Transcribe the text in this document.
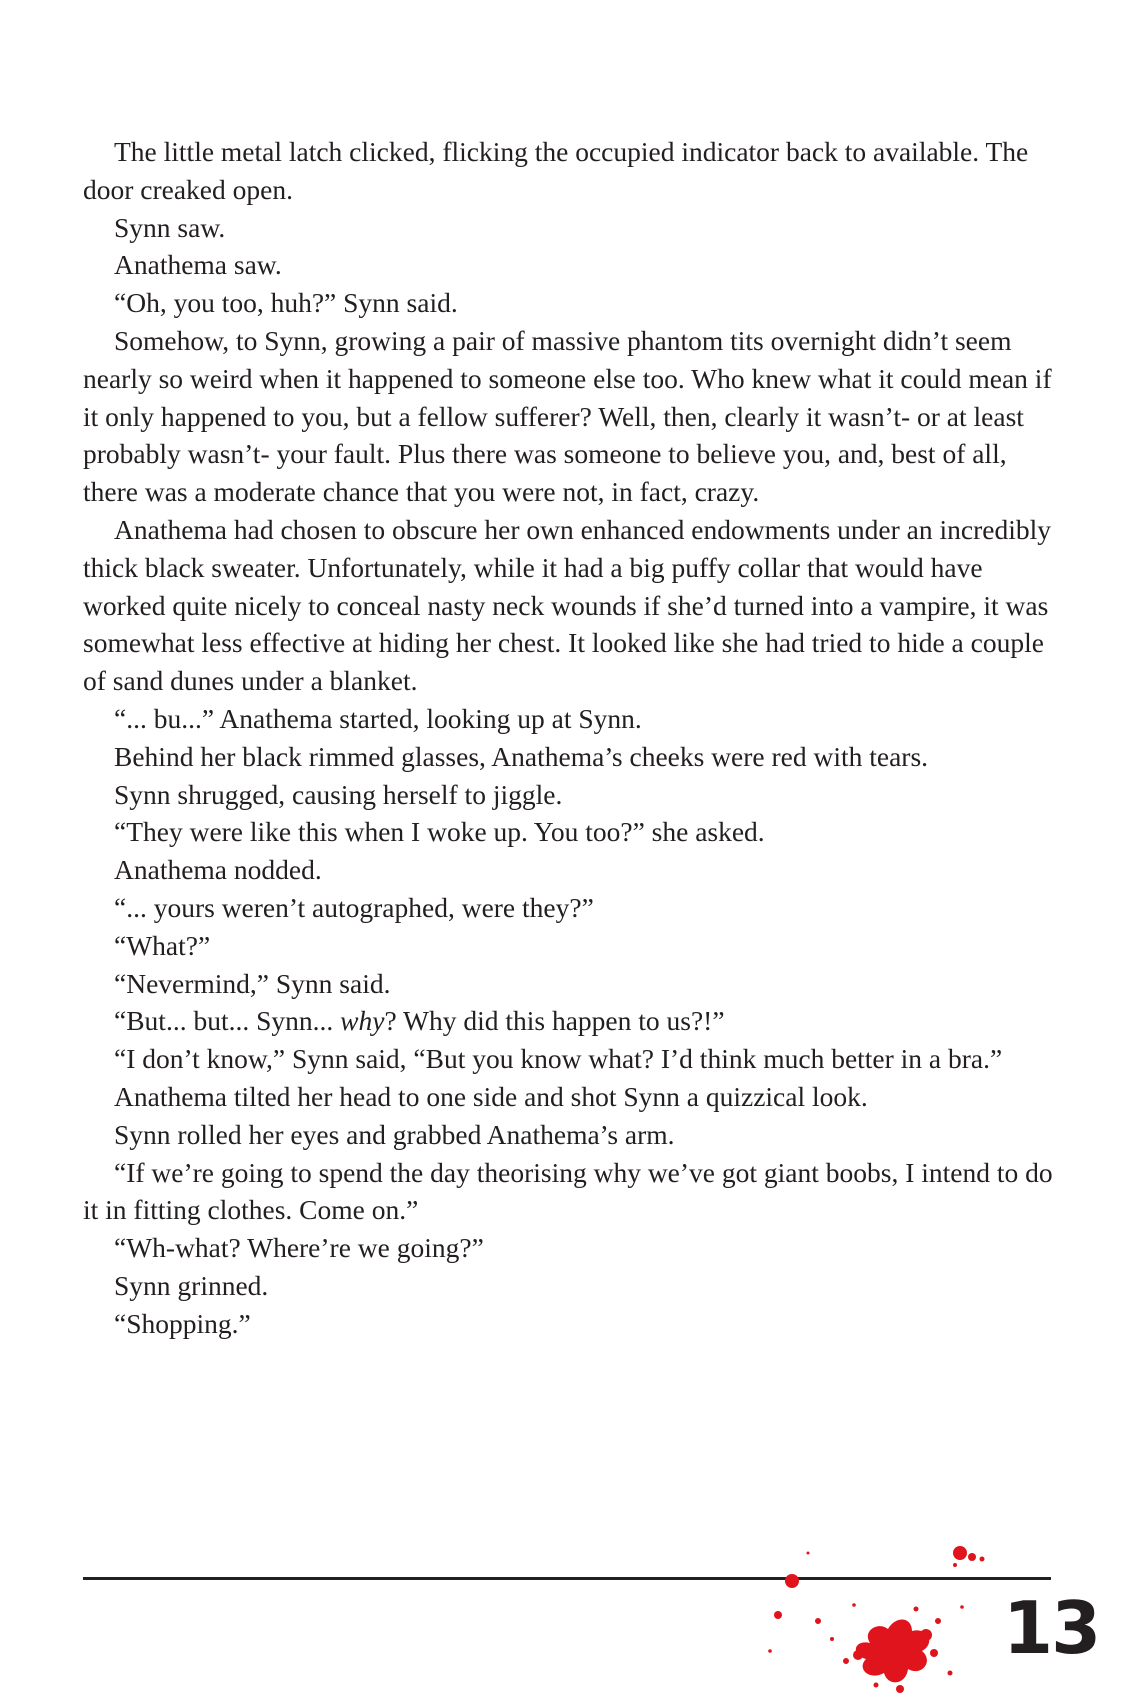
The little metal latch clicked, flicking the occupied indicator back to available. The door creaked open.

Synn saw.

Anathema saw.

“Oh, you too, huh?” Synn said.

Somehow, to Synn, growing a pair of massive phantom tits overnight didn’t seem nearly so weird when it happened to someone else too. Who knew what it could mean if it only happened to you, but a fellow sufferer? Well, then, clearly it wasn’t- or at least probably wasn’t- your fault. Plus there was someone to believe you, and, best of all, there was a moderate chance that you were not, in fact, crazy.

Anathema had chosen to obscure her own enhanced endowments under an incredibly thick black sweater. Unfortunately, while it had a big puffy collar that would have worked quite nicely to conceal nasty neck wounds if she’d turned into a vampire, it was somewhat less effective at hiding her chest. It looked like she had tried to hide a couple of sand dunes under a blanket.

“... bu...” Anathema started, looking up at Synn.

Behind her black rimmed glasses, Anathema’s cheeks were red with tears.

Synn shrugged, causing herself to jiggle.

“They were like this when I woke up. You too?” she asked.

Anathema nodded.

“... yours weren’t autographed, were they?”

“What?”

“Nevermind,” Synn said.

“But... but... Synn... why? Why did this happen to us?!”

“I don’t know,” Synn said, “But you know what? I’d think much better in a bra.”

Anathema tilted her head to one side and shot Synn a quizzical look.

Synn rolled her eyes and grabbed Anathema’s arm.

“If we’re going to spend the day theorising why we’ve got giant boobs, I intend to do it in fitting clothes. Come on.”

“Wh-what? Where’re we going?”

Synn grinned.

“Shopping.”

13
